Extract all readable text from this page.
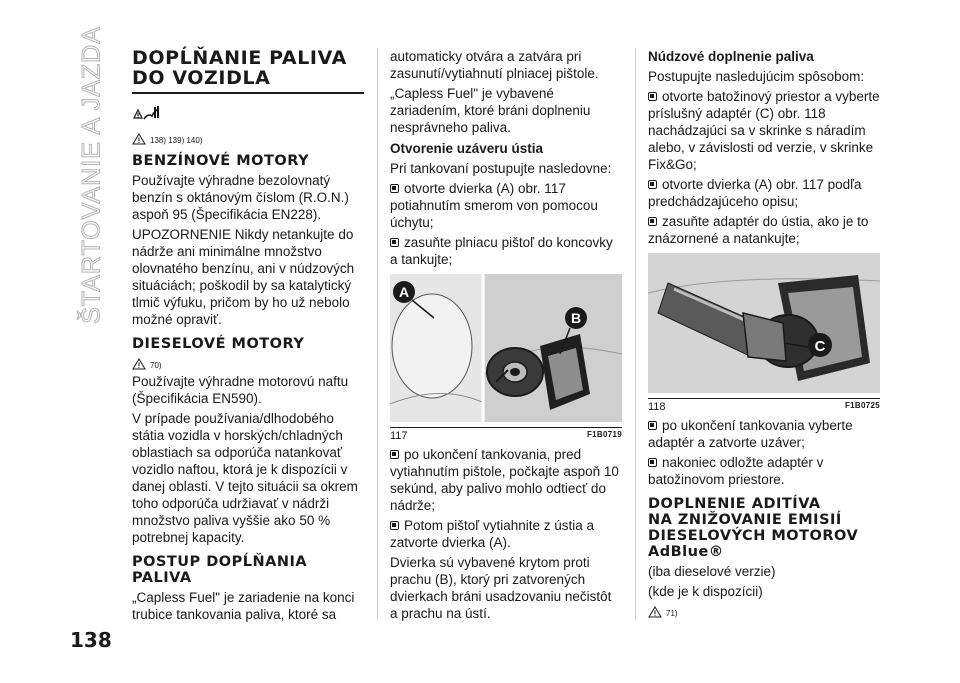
ŠTARTOVANIE A JAZDA DOPĹŇANIE PALIVA
DO VOZIDLA
138) 139) 140)
BENZÍNOVÉ MOTORY

Používajte výhradne bezolovnatý benzín s oktánovým číslom (R.O.N.) aspoň 95 (Špecifikácia EN228).

UPOZORNENIE Nikdy netankujte do nádrže ani minimálne množstvo olovnatého benzínu, ani v núdzových situáciách; poškodil by sa katalytický tlmič výfuku, pričom by ho už nebolo možné opraviť.

DIESELOVÉ MOTORY
70)

Používajte výhradne motorovú naftu (Špecifikácia EN590).

V prípade používania/dlhodobého státia vozidla v horských/chladných oblastiach sa odporúča natankovať vozidlo naftou, ktorá je k dispozícii v danej oblasti. V tejto situácii sa okrem toho odporúča udržiavať v nádrži množstvo paliva vyššie ako 50 % potrebnej kapacity.

POSTUP DOPĹŇANIA
PALIVA

„Capless Fuel" je zariadenie na konci trubice tankovania paliva, ktoré sa

automaticky otvára a zatvára pri zasunutí/vytiahnutí plniacej pištole.

„Capless Fuel" je vybavené zariadením, ktoré bráni doplneniu nesprávneho paliva.

Otvorenie uzáveru ústia

Pri tankovaní postupujte nasledovne:

otvorte dvierka (A) obr. 117 potiahnutím smerom von pomocou úchytu;

zasuňte plniacu pištoľ do koncovky a tankujte;

A
B
117	F1B0719

po ukončení tankovania, pred vytiahnutím pištole, počkajte aspoň 10 sekúnd, aby palivo mohlo odtiecť do nádrže;

Potom pištoľ vytiahnite z ústia a zatvorte dvierka (A).

Dvierka sú vybavené krytom proti prachu (B), ktorý pri zatvorených dvierkach bráni usadzovaniu nečistôt a prachu na ústí.

Núdzové doplnenie paliva

Postupujte nasledujúcim spôsobom:

otvorte batožinový priestor a vyberte príslušný adaptér (C) obr. 118 nachádzajúci sa v skrinke s náradím alebo, v závislosti od verzie, v skrinke Fix&Go;

otvorte dvierka (A) obr. 117 podľa predchádzajúceho opisu;

zasuňte adaptér do ústia, ako je to znázornené a natankujte;

C
118	F1B0725

po ukončení tankovania vyberte adaptér a zatvorte uzáver;

nakoniec odložte adaptér v batožinovom priestore.

DOPLNENIE ADITÍVA
NA ZNIŽOVANIE EMISIÍ
DIESELOVÝCH MOTOROV
AdBlue®

(iba dieselové verzie)

(kde je k dispozícii)

71)
138
